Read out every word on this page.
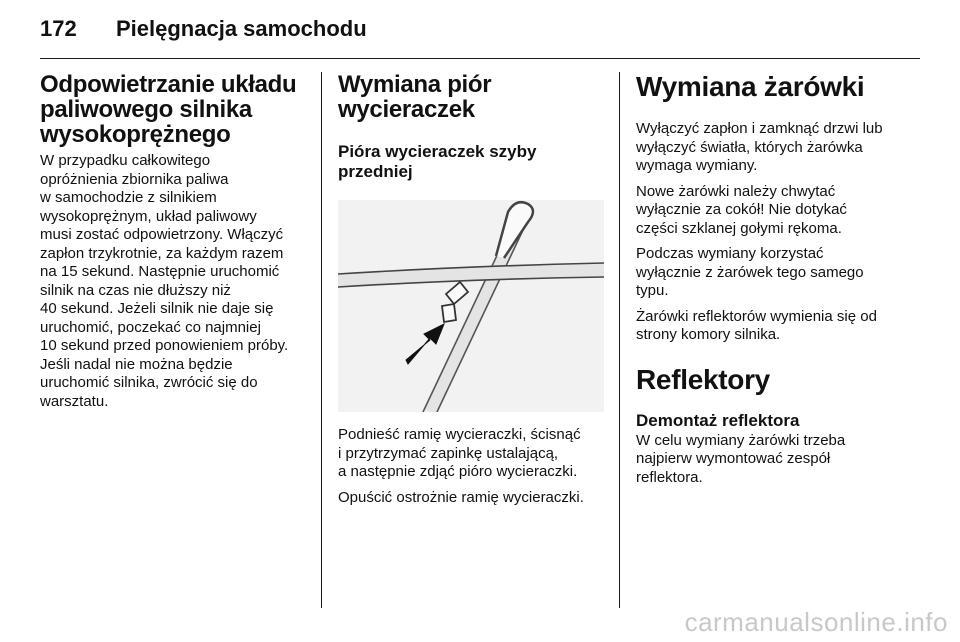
172 Pielęgnacja samochodu
Odpowietrzanie układu
paliwowego silnika
wysokoprężnego

W przypadku całkowitego
opróżnienia zbiornika paliwa
w samochodzie z silnikiem
wysokoprężnym, układ paliwowy
musi zostać odpowietrzony. Włączyć
zapłon trzykrotnie, za każdym razem
na 15 sekund. Następnie uruchomić
silnik na czas nie dłuższy niż
40 sekund. Jeżeli silnik nie daje się
uruchomić, poczekać co najmniej
10 sekund przed ponowieniem próby.
Jeśli nadal nie można będzie
uruchomić silnika, zwrócić się do
warsztatu.

Wymiana piór wycieraczek
Pióra wycieraczek szyby
przedniej

Podnieść ramię wycieraczki, ścisnąć
i przytrzymać zapinkę ustalającą,
a następnie zdjąć pióro wycieraczki.

Opuścić ostrożnie ramię wycieraczki.

Wymiana żarówki

Wyłączyć zapłon i zamknąć drzwi lub
wyłączyć światła, których żarówka
wymaga wymiany.

Nowe żarówki należy chwytać
wyłącznie za cokół! Nie dotykać
części szklanej gołymi rękoma.

Podczas wymiany korzystać
wyłącznie z żarówek tego samego
typu.

Żarówki reflektorów wymienia się od
strony komory silnika.

Reflektory
Demontaż reflektora

W celu wymiany żarówki trzeba
najpierw wymontować zespół
reflektora.

carmanualsonline.info
